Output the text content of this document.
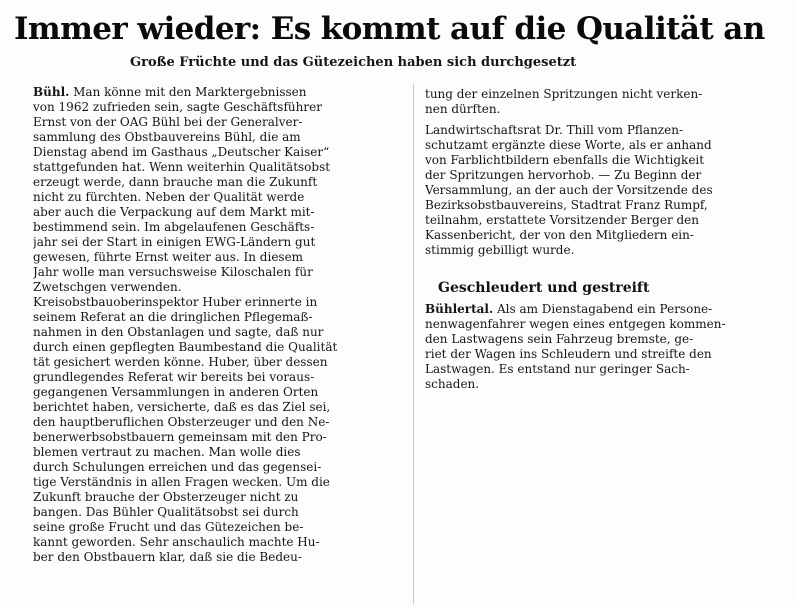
Immer wieder: Es kommt auf die Qualität an
Große Früchte und das Gütezeichen haben sich durchgesetzt
Bühl. Man könne mit den Marktergebnissen
von 1962 zufrieden sein, sagte Geschäftsführer
Ernst von der OAG Bühl bei der Generalver-
sammlung des Obstbauvereins Bühl, die am
Dienstag abend im Gasthaus „Deutscher Kaiser“
stattgefunden hat. Wenn weiterhin Qualitätsobst
erzeugt werde, dann brauche man die Zukunft
nicht zu fürchten. Neben der Qualität werde
aber auch die Verpackung auf dem Markt mit-
bestimmend sein. Im abgelaufenen Geschäfts-
jahr sei der Start in einigen EWG-Ländern gut
gewesen, führte Ernst weiter aus. In diesem
Jahr wolle man versuchsweise Kiloschalen für
Zwetschgen verwenden.
Kreisobstbauoberinspektor Huber erinnerte in
seinem Referat an die dringlichen Pflegemaß-
nahmen in den Obstanlagen und sagte, daß nur
durch einen gepflegten Baumbestand die Qualität
tät gesichert werden könne. Huber, über dessen
grundlegendes Referat wir bereits bei voraus-
gegangenen Versammlungen in anderen Orten
berichtet haben, versicherte, daß es das Ziel sei,
den hauptberuflichen Obsterzeuger und den Ne-
benerwerbsobstbauern gemeinsam mit den Pro-
blemen vertraut zu machen. Man wolle dies
durch Schulungen erreichen und das gegensei-
tige Verständnis in allen Fragen wecken. Um die
Zukunft brauche der Obsterzeuger nicht zu
bangen. Das Bühler Qualitätsobst sei durch
seine große Frucht und das Gütezeichen be-
kannt geworden. Sehr anschaulich machte Hu-
ber den Obstbauern klar, daß sie die Bedeu-
tung der einzelnen Spritzungen nicht verken-
nen dürften.
Landwirtschaftsrat Dr. Thill vom Pflanzen-
schutzamt ergänzte diese Worte, als er anhand
von Farblichtbildern ebenfalls die Wichtigkeit
der Spritzungen hervorhob. — Zu Beginn der
Versammlung, an der auch der Vorsitzende des
Bezirksobstbauvereins, Stadtrat Franz Rumpf,
teilnahm, erstattete Vorsitzender Berger den
Kassenbericht, der von den Mitgliedern ein-
stimmig gebilligt wurde.
Geschleudert und gestreift
Bühlertal. Als am Dienstagabend ein Persone-
nenwagenfahrer wegen eines entgegen kommen-
den Lastwagens sein Fahrzeug bremste, ge-
riet der Wagen ins Schleudern und streifte den
Lastwagen. Es entstand nur geringer Sach-
schaden.
